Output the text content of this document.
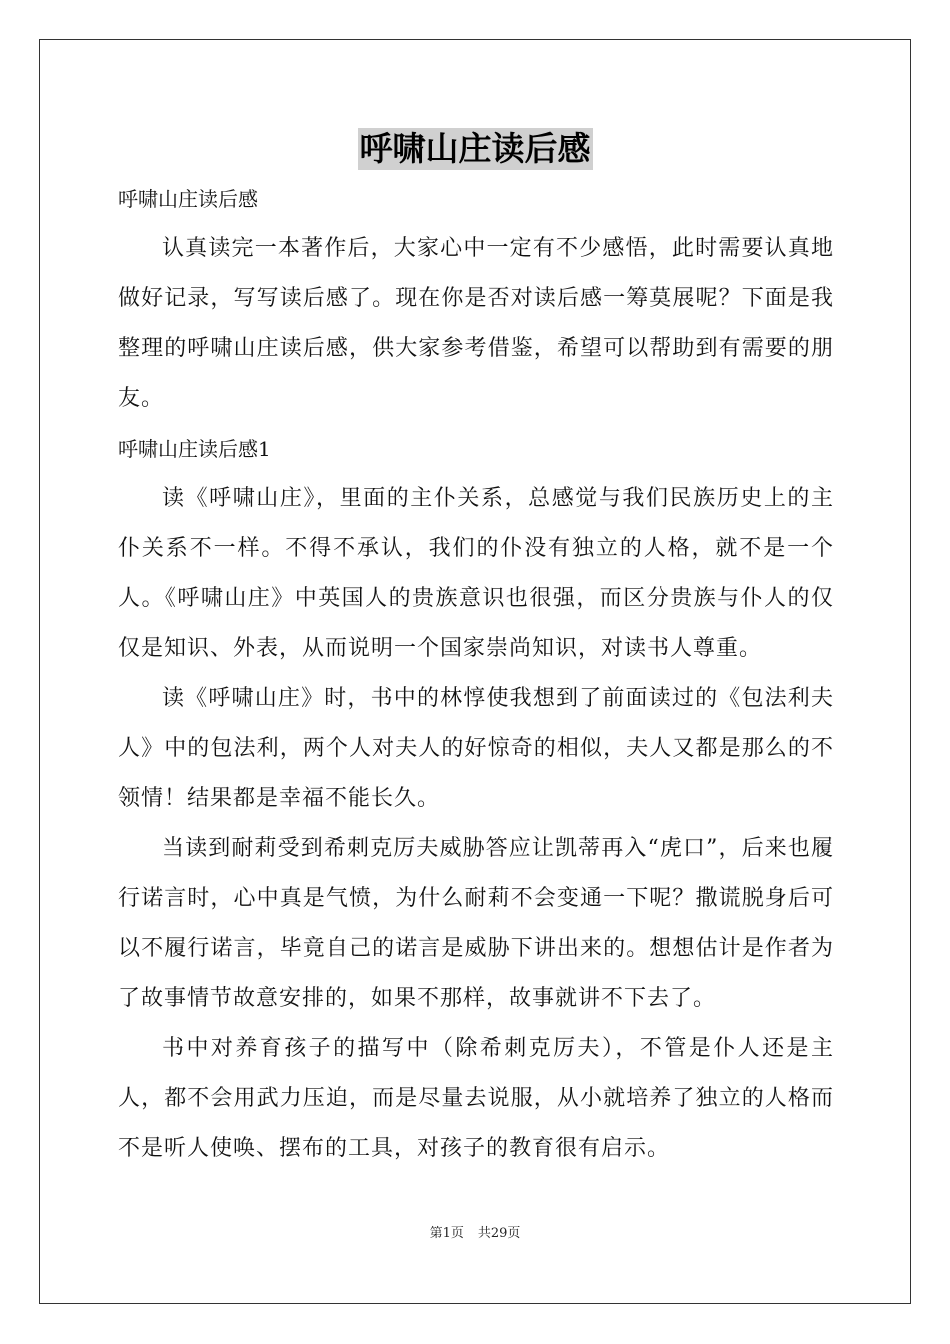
呼啸山庄读后感

呼啸山庄读后感

认真读完一本著作后，大家心中一定有不少感悟，此时需要认真地做好记录，写写读后感了。现在你是否对读后感一筹莫展呢？下面是我整理的呼啸山庄读后感，供大家参考借鉴，希望可以帮助到有需要的朋友。

呼啸山庄读后感1

读《呼啸山庄》，里面的主仆关系，总感觉与我们民族历史上的主仆关系不一样。不得不承认，我们的仆没有独立的人格，就不是一个人。《呼啸山庄》中英国人的贵族意识也很强，而区分贵族与仆人的仅仅是知识、外表，从而说明一个国家崇尚知识，对读书人尊重。

读《呼啸山庄》时，书中的林惇使我想到了前面读过的《包法利夫人》中的包法利，两个人对夫人的好惊奇的相似，夫人又都是那么的不领情！结果都是幸福不能长久。

当读到耐莉受到希刺克厉夫威胁答应让凯蒂再入“虎口”，后来也履行诺言时，心中真是气愤，为什么耐莉不会变通一下呢？撒谎脱身后可以不履行诺言，毕竟自己的诺言是威胁下讲出来的。想想估计是作者为了故事情节故意安排的，如果不那样，故事就讲不下去了。

书中对养育孩子的描写中（除希刺克厉夫），不管是仆人还是主人，都不会用武力压迫，而是尽量去说服，从小就培养了独立的人格而不是听人使唤、摆布的工具，对孩子的教育很有启示。

第1页 共29页
